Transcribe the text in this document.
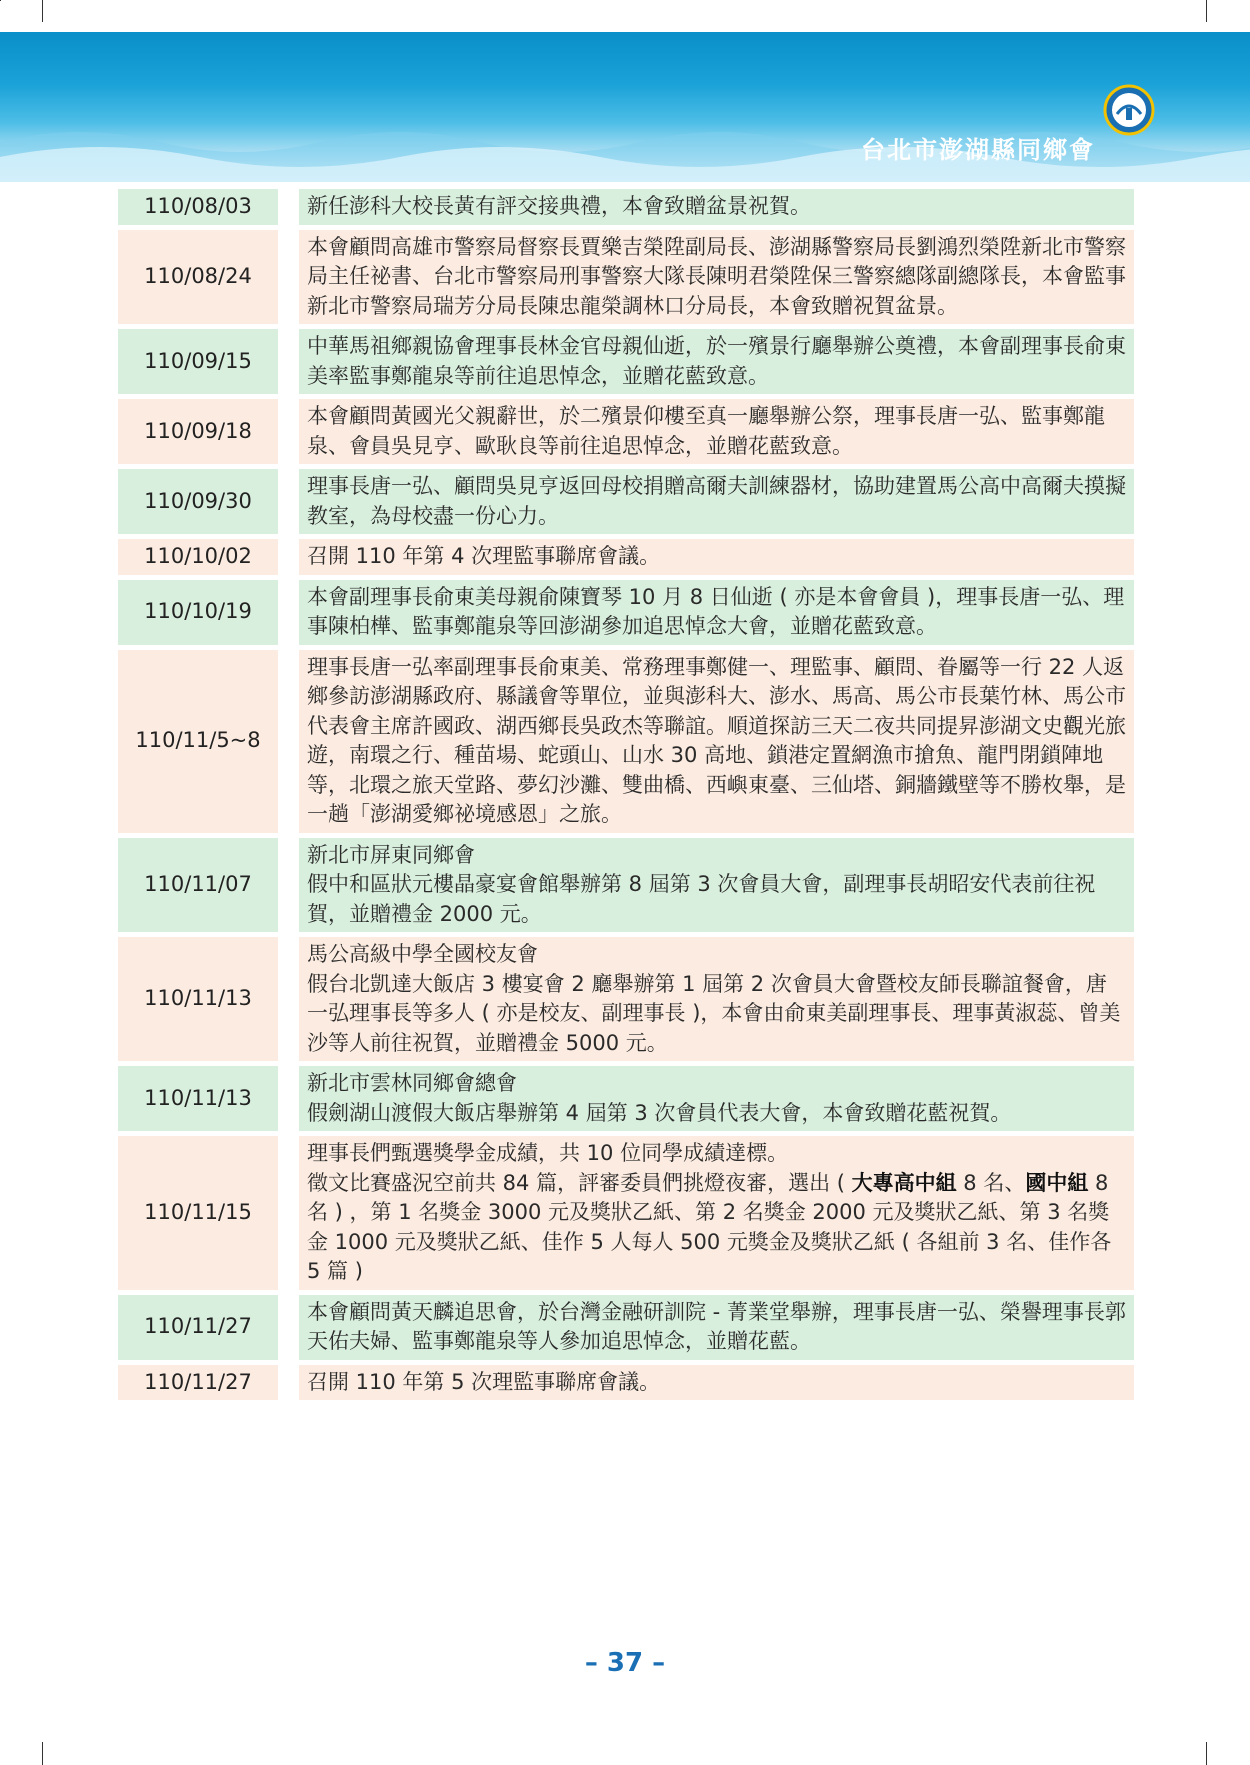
台北市澎湖縣同鄉會
110/08/03		新任澎科大校長黃有評交接典禮，本會致贈盆景祝賀。
110/08/24		本會顧問高雄市警察局督察長賈樂吉榮陞副局長、澎湖縣警察局長劉鴻烈榮陞新北市警察局主任祕書、台北市警察局刑事警察大隊長陳明君榮陞保三警察總隊副總隊長，本會監事新北市警察局瑞芳分局長陳忠龍榮調林口分局長，本會致贈祝賀盆景。
110/09/15		中華馬祖鄉親協會理事長林金官母親仙逝，於一殯景行廳舉辦公奠禮，本會副理事長俞東美率監事鄭龍泉等前往追思悼念，並贈花藍致意。
110/09/18		本會顧問黃國光父親辭世，於二殯景仰樓至真一廳舉辦公祭，理事長唐一弘、監事鄭龍泉、會員吳見亨、歐耿良等前往追思悼念，並贈花藍致意。
110/09/30		理事長唐一弘、顧問吳見亨返回母校捐贈高爾夫訓練器材，協助建置馬公高中高爾夫摸擬教室，為母校盡一份心力。
110/10/02		召開 110 年第 4 次理監事聯席會議。
110/10/19		本會副理事長俞東美母親俞陳寶琴 10 月 8 日仙逝 ( 亦是本會會員 )，理事長唐一弘、理事陳柏樺、監事鄭龍泉等回澎湖參加追思悼念大會，並贈花藍致意。
110/11/5~8		理事長唐一弘率副理事長俞東美、常務理事鄭健一、理監事、顧問、眷屬等一行 22 人返鄉參訪澎湖縣政府、縣議會等單位，並與澎科大、澎水、馬高、馬公市長葉竹林、馬公市代表會主席許國政、湖西鄉長吳政杰等聯誼。順道探訪三天二夜共同提昇澎湖文史觀光旅遊，南環之行、種苗場、蛇頭山、山水 30 高地、鎖港定置網漁市搶魚、龍門閉鎖陣地等，北環之旅天堂路、夢幻沙灘、雙曲橋、西嶼東臺、三仙塔、銅牆鐵壁等不勝枚舉，是一趟「澎湖愛鄉祕境感恩」之旅。
110/11/07		新北市屏東同鄉會
假中和區狀元樓晶豪宴會館舉辦第 8 屆第 3 次會員大會，副理事長胡昭安代表前往祝賀，並贈禮金 2000 元。
110/11/13		馬公高級中學全國校友會
假台北凱達大飯店 3 樓宴會 2 廳舉辦第 1 屆第 2 次會員大會暨校友師長聯誼餐會，唐一弘理事長等多人 ( 亦是校友、副理事長 )，本會由俞東美副理事長、理事黃淑蕊、曾美沙等人前往祝賀，並贈禮金 5000 元。
110/11/13		新北市雲林同鄉會總會
假劍湖山渡假大飯店舉辦第 4 屆第 3 次會員代表大會，本會致贈花藍祝賀。
110/11/15		理事長們甄選獎學金成績，共 10 位同學成績達標。
徵文比賽盛況空前共 84 篇，評審委員們挑燈夜審，選出 ( 大專高中組 8 名、國中組 8 名 ) ，第 1 名獎金 3000 元及獎狀乙紙、第 2 名獎金 2000 元及獎狀乙紙、第 3 名獎金 1000 元及獎狀乙紙、佳作 5 人每人 500 元獎金及獎狀乙紙 ( 各組前 3 名、佳作各 5 篇 )
110/11/27		本會顧問黃天麟追思會，於台灣金融研訓院 - 菁業堂舉辦，理事長唐一弘、榮譽理事長郭天佑夫婦、監事鄭龍泉等人參加追思悼念，並贈花藍。
110/11/27		召開 110 年第 5 次理監事聯席會議。
– 37 –
